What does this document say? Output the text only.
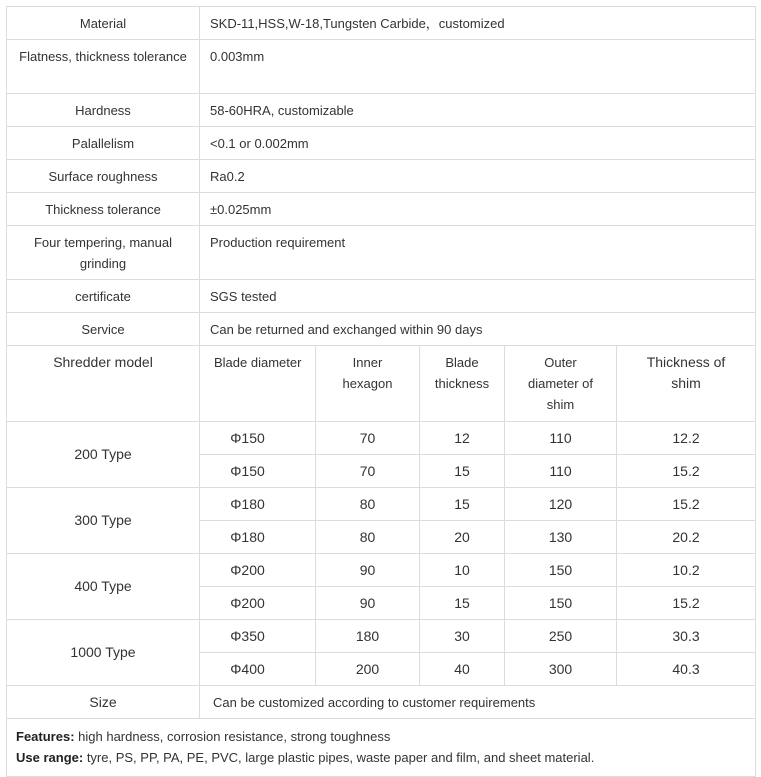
Material	SKD-11,HSS,W-18,Tungsten Carbide，customized				
Flatness, thickness tolerance	0.003mm				
Hardness	58-60HRA, customizable				
Palallelism	<0.1 or 0.002mm				
Surface roughness	Ra0.2				
Thickness tolerance	±0.025mm				
Four tempering, manual grinding	Production requirement				
certificate	SGS tested				
Service	Can be returned and exchanged within 90 days				
Shredder model	Blade diameter	Inner hexagon	Blade thickness	Outer diameter of shim	Thickness of shim
200 Type	Φ150	70	12	110	12.2
	Φ150	70	15	110	15.2
300 Type	Φ180	80	15	120	15.2
	Φ180	80	20	130	20.2
400 Type	Φ200	90	10	150	10.2
	Φ200	90	15	150	15.2
1000 Type	Φ350	180	30	250	30.3
	Φ400	200	40	300	40.3
Size	Can be customized according to customer requirements				

Features: high hardness, corrosion resistance, strong toughness
Use range: tyre, PS, PP, PA, PE, PVC, large plastic pipes, waste paper and film, and sheet material.					
